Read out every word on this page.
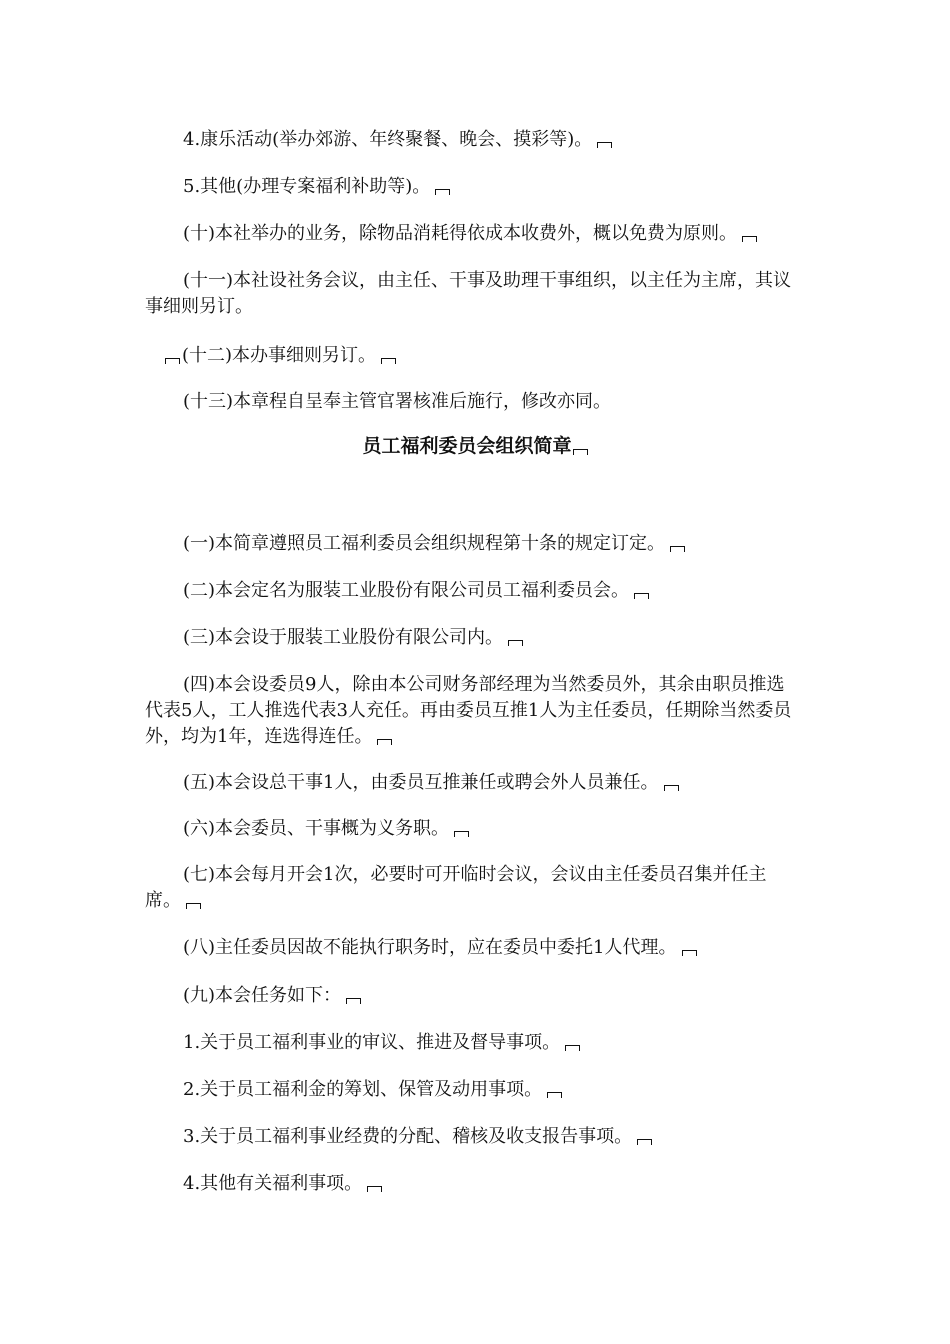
4.康乐活动(举办郊游、年终聚餐、晚会、摸彩等)。

5.其他(办理专案福利补助等)。

(十)本社举办的业务，除物品消耗得依成本收费外，概以免费为原则。

(十一)本社设社务会议，由主任、干事及助理干事组织，以主任为主席，其议事细则另订。

(十二)本办事细则另订。

(十三)本章程自呈奉主管官署核准后施行，修改亦同。

员工福利委员会组织简章

(一)本简章遵照员工福利委员会组织规程第十条的规定订定。

(二)本会定名为服装工业股份有限公司员工福利委员会。

(三)本会设于服装工业股份有限公司内。

(四)本会设委员9人，除由本公司财务部经理为当然委员外，其余由职员推选代表5人，工人推选代表3人充任。再由委员互推1人为主任委员，任期除当然委员外，均为1年，连选得连任。

(五)本会设总干事1人，由委员互推兼任或聘会外人员兼任。

(六)本会委员、干事概为义务职。

(七)本会每月开会1次，必要时可开临时会议，会议由主任委员召集并任主席。

(八)主任委员因故不能执行职务时，应在委员中委托1人代理。

(九)本会任务如下：

1.关于员工福利事业的审议、推进及督导事项。

2.关于员工福利金的筹划、保管及动用事项。

3.关于员工福利事业经费的分配、稽核及收支报告事项。

4.其他有关福利事项。
